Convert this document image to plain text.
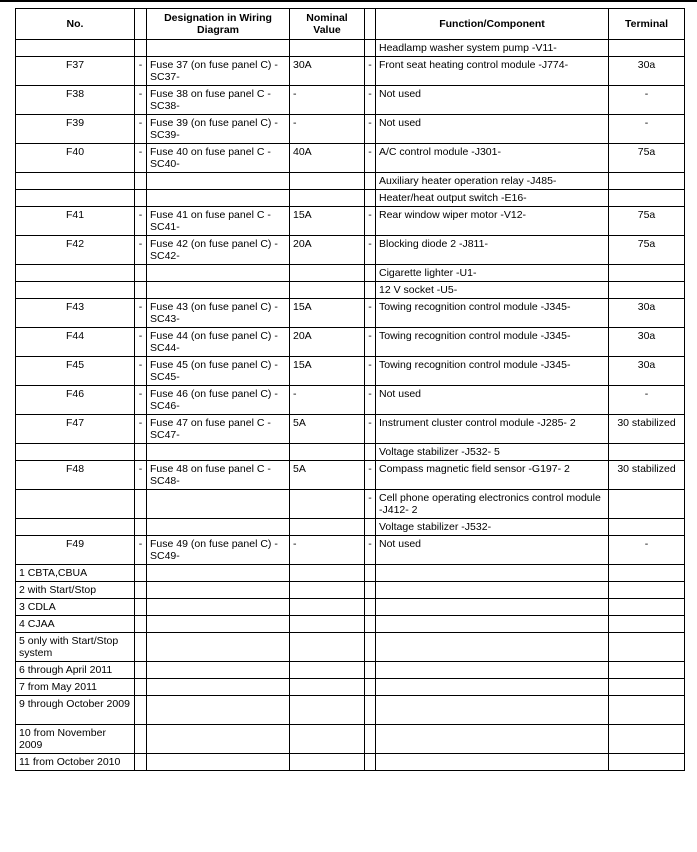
No.		Designation in Wiring Diagram	Nominal Value		Function/Component	Terminal
					Headlamp washer system pump -V11-	
F37	-	Fuse 37 (on fuse panel C) -SC37-	30A	-	Front seat heating control module -J774-	30a
F38	-	Fuse 38 on fuse panel C -SC38-	-	-	Not used	-
F39	-	Fuse 39 (on fuse panel C) -SC39-	-	-	Not used	-
F40	-	Fuse 40 on fuse panel C -SC40-	40A	-	A/C control module -J301-	75a
					Auxiliary heater operation relay -J485-	
					Heater/heat output switch -E16-	
F41	-	Fuse 41 on fuse panel C -SC41-	15A	-	Rear window wiper motor -V12-	75a
F42	-	Fuse 42 (on fuse panel C) -SC42-	20A	-	Blocking diode 2 -J811-	75a
					Cigarette lighter -U1-	
					12 V socket -U5-	
F43	-	Fuse 43 (on fuse panel C) -SC43-	15A	-	Towing recognition control module -J345-	30a
F44	-	Fuse 44 (on fuse panel C) -SC44-	20A	-	Towing recognition control module -J345-	30a
F45	-	Fuse 45 (on fuse panel C) -SC45-	15A	-	Towing recognition control module -J345-	30a
F46	-	Fuse 46 (on fuse panel C) -SC46-	-	-	Not used	-
F47	-	Fuse 47 on fuse panel C -SC47-	5A	-	Instrument cluster control module -J285- 2	30 stabilized
					Voltage stabilizer -J532- 5	
F48	-	Fuse 48 on fuse panel C -SC48-	5A	-	Compass magnetic field sensor -G197- 2	30 stabilized
				-	Cell phone operating electronics control module -J412- 2	
					Voltage stabilizer -J532-	
F49	-	Fuse 49 (on fuse panel C) -SC49-	-	-	Not used	-
1 CBTA,CBUA						
2 with Start/Stop						
3 CDLA						
4 CJAA						
5 only with Start/Stop system						
6 through April 2011						
7 from May 2011						
9 through October 2009						
10 from November 2009						
11 from October 2010						
